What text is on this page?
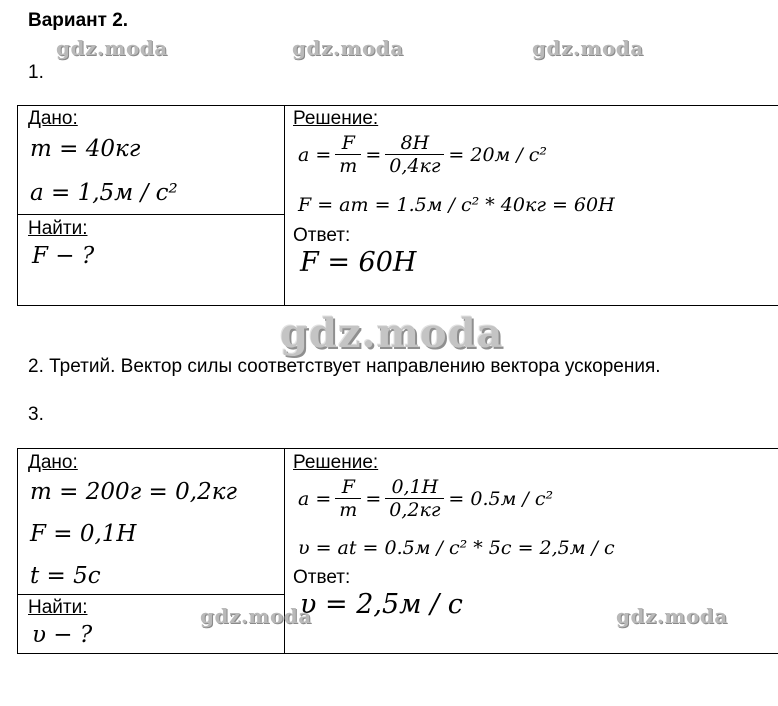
Вариант 2.
gdz.moda	gdz.moda	gdz.moda
1.
Дано:
m = 40кг
a = 1,5м / c²
Найти:
F − ?
Решение:
$a = \frac{F}{m} = \frac{8H}{0,4кг} = 20м / c^2$
F = am = 1.5м / c² * 40кг = 60H
Ответ:
F = 60H
gdz.moda
2. Третий. Вектор силы соответствует направлению вектора ускорения.
3.
Дано:
m = 200г = 0,2кг
F = 0,1H
t = 5c
Найти:
υ − ?
Решение:
$a = \frac{F}{m} = \frac{0,1H}{0,2кг} = 0.5м / c^2$
υ = at = 0.5м / c² * 5c = 2,5м / c
Ответ:
υ = 2,5м / c
gdz.moda	gdz.moda
